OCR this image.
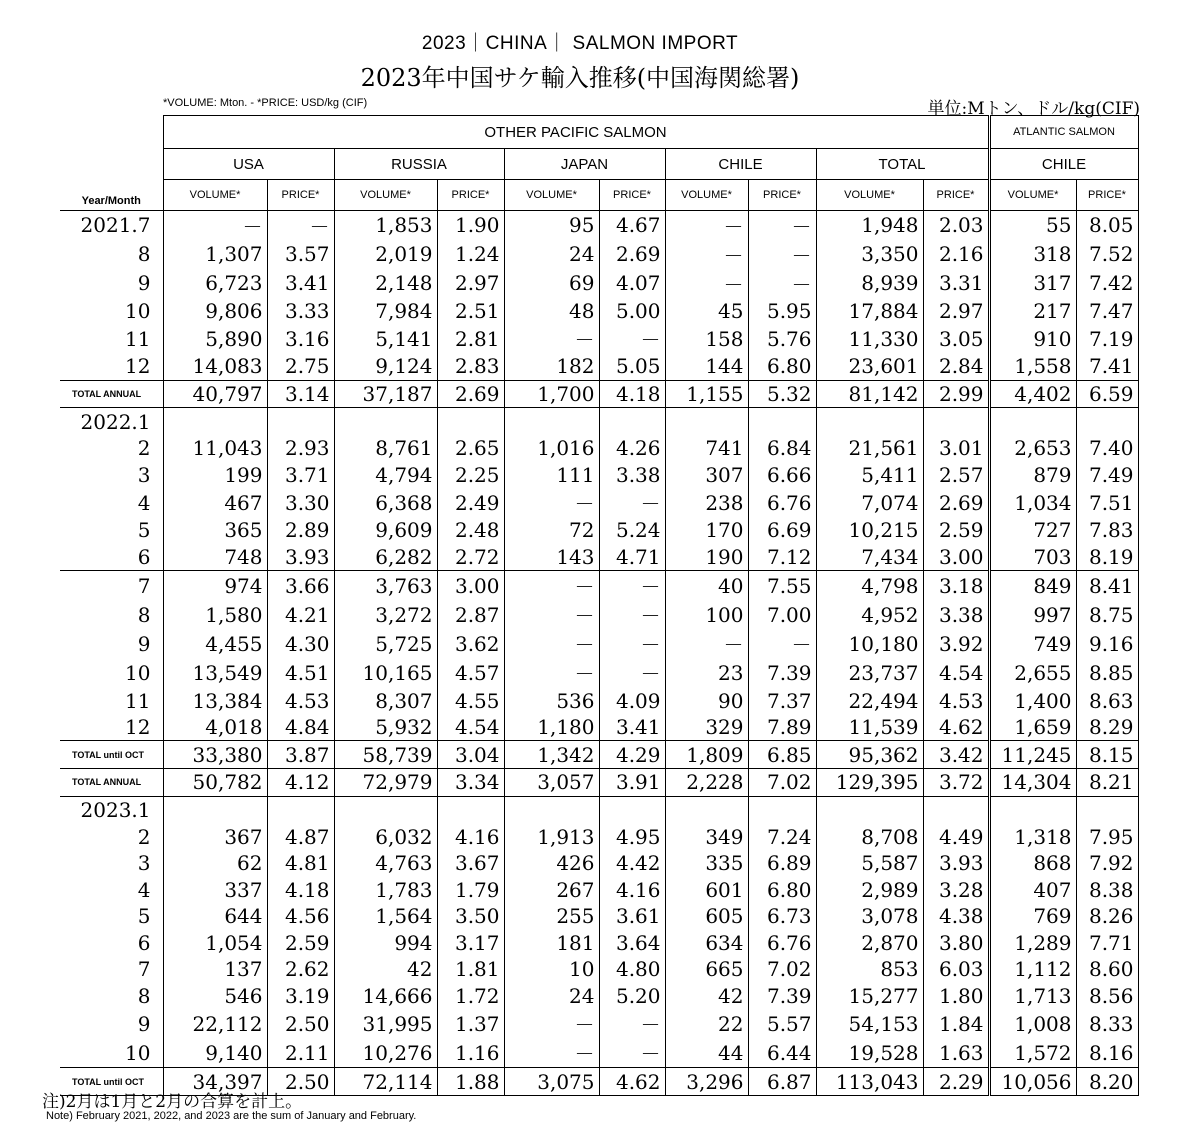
2023｜CHINA｜ SALMON IMPORT
2023年中国サケ輸入推移(中国海関総署)
*VOLUME: Mton. - *PRICE: USD/kg (CIF)	単位:Mトン、ドル/kg(CIF)
	OTHER PACIFIC SALMON										ATLANTIC SALMON	
	USA		RUSSIA		JAPAN		CHILE		TOTAL		CHILE	
Year/Month	VOLUME*	PRICE*	VOLUME*	PRICE*	VOLUME*	PRICE*	VOLUME*	PRICE*	VOLUME*	PRICE*	VOLUME*	PRICE*
2021.7	－	－	1,853	1.90	95	4.67	－	－	1,948	2.03	55	8.05
8	1,307	3.57	2,019	1.24	24	2.69	－	－	3,350	2.16	318	7.52
9	6,723	3.41	2,148	2.97	69	4.07	－	－	8,939	3.31	317	7.42
10	9,806	3.33	7,984	2.51	48	5.00	45	5.95	17,884	2.97	217	7.47
11	5,890	3.16	5,141	2.81	－	－	158	5.76	11,330	3.05	910	7.19
12	14,083	2.75	9,124	2.83	182	5.05	144	6.80	23,601	2.84	1,558	7.41
TOTAL ANNUAL	40,797	3.14	37,187	2.69	1,700	4.18	1,155	5.32	81,142	2.99	4,402	6.59
2022.1												
2	11,043	2.93	8,761	2.65	1,016	4.26	741	6.84	21,561	3.01	2,653	7.40
3	199	3.71	4,794	2.25	111	3.38	307	6.66	5,411	2.57	879	7.49
4	467	3.30	6,368	2.49	－	－	238	6.76	7,074	2.69	1,034	7.51
5	365	2.89	9,609	2.48	72	5.24	170	6.69	10,215	2.59	727	7.83
6	748	3.93	6,282	2.72	143	4.71	190	7.12	7,434	3.00	703	8.19
7	974	3.66	3,763	3.00	－	－	40	7.55	4,798	3.18	849	8.41
8	1,580	4.21	3,272	2.87	－	－	100	7.00	4,952	3.38	997	8.75
9	4,455	4.30	5,725	3.62	－	－	－	－	10,180	3.92	749	9.16
10	13,549	4.51	10,165	4.57	－	－	23	7.39	23,737	4.54	2,655	8.85
11	13,384	4.53	8,307	4.55	536	4.09	90	7.37	22,494	4.53	1,400	8.63
12	4,018	4.84	5,932	4.54	1,180	3.41	329	7.89	11,539	4.62	1,659	8.29
TOTAL until OCT	33,380	3.87	58,739	3.04	1,342	4.29	1,809	6.85	95,362	3.42	11,245	8.15
TOTAL ANNUAL	50,782	4.12	72,979	3.34	3,057	3.91	2,228	7.02	129,395	3.72	14,304	8.21
2023.1												
2	367	4.87	6,032	4.16	1,913	4.95	349	7.24	8,708	4.49	1,318	7.95
3	62	4.81	4,763	3.67	426	4.42	335	6.89	5,587	3.93	868	7.92
4	337	4.18	1,783	1.79	267	4.16	601	6.80	2,989	3.28	407	8.38
5	644	4.56	1,564	3.50	255	3.61	605	6.73	3,078	4.38	769	8.26
6	1,054	2.59	994	3.17	181	3.64	634	6.76	2,870	3.80	1,289	7.71
7	137	2.62	42	1.81	10	4.80	665	7.02	853	6.03	1,112	8.60
8	546	3.19	14,666	1.72	24	5.20	42	7.39	15,277	1.80	1,713	8.56
9	22,112	2.50	31,995	1.37	－	－	22	5.57	54,153	1.84	1,008	8.33
10	9,140	2.11	10,276	1.16	－	－	44	6.44	19,528	1.63	1,572	8.16
TOTAL until OCT	34,397	2.50	72,114	1.88	3,075	4.62	3,296	6.87	113,043	2.29	10,056	8.20
注)2月は1月と2月の合算を計上。
Note) February 2021, 2022, and 2023 are the sum of January and February.
